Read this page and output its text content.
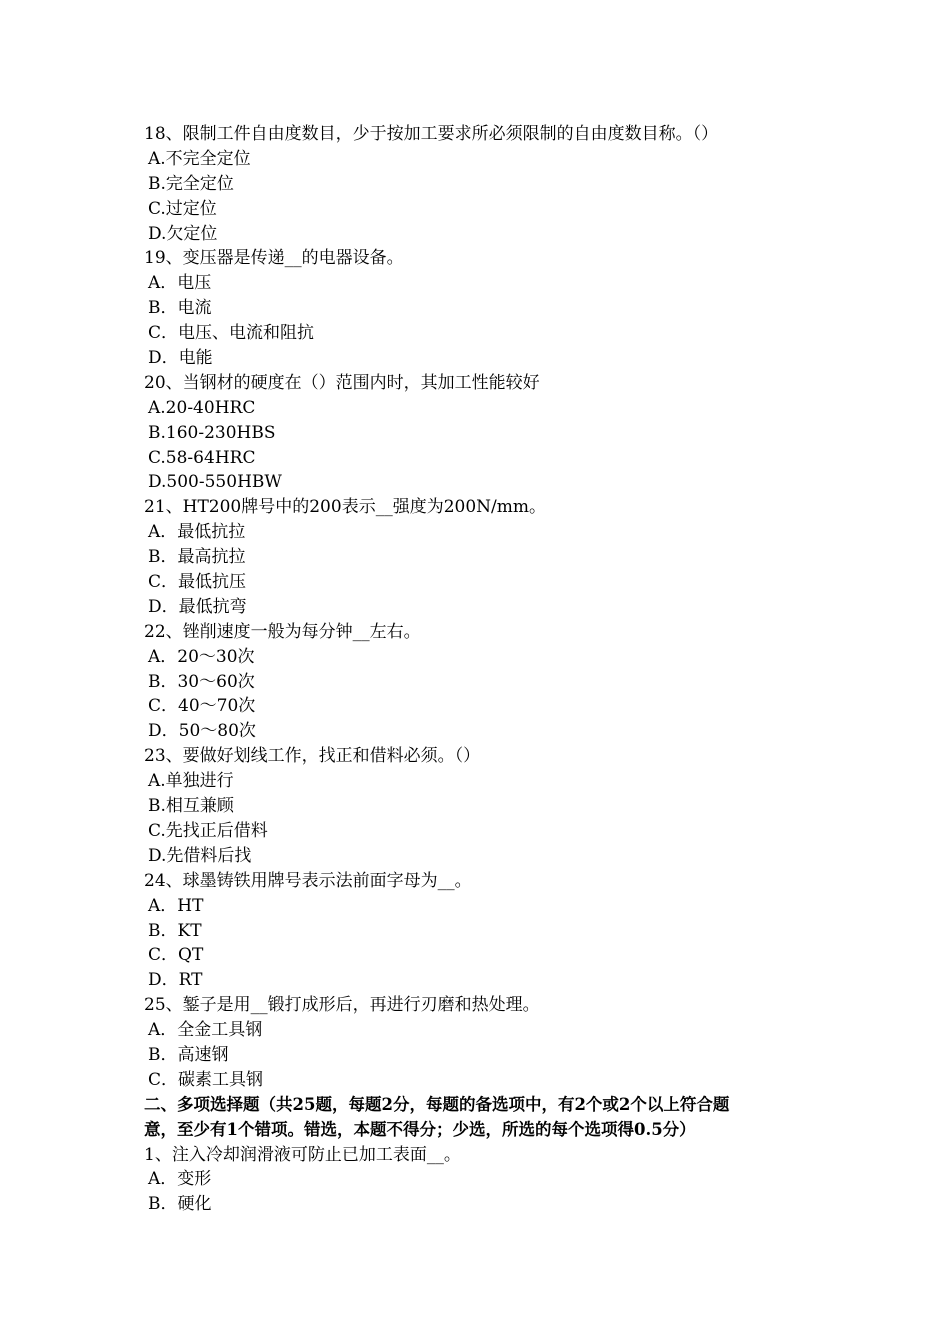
18、限制工件自由度数目，少于按加工要求所必须限制的自由度数目称。（）
A.不完全定位
B.完全定位
C.过定位
D.欠定位
19、变压器是传递__的电器设备。
A．电压
B．电流
C．电压、电流和阻抗
D．电能
20、当钢材的硬度在（）范围内时，其加工性能较好
A.20-40HRC
B.160-230HBS
C.58-64HRC
D.500-550HBW
21、HT200牌号中的200表示__强度为200N/mm。
A．最低抗拉
B．最高抗拉
C．最低抗压
D．最低抗弯
22、锉削速度一般为每分钟__左右。
A．20～30次
B．30～60次
C．40～70次
D．50～80次
23、要做好划线工作，找正和借料必须。（）
A.单独进行
B.相互兼顾
C.先找正后借料
D.先借料后找
24、球墨铸铁用牌号表示法前面字母为__。
A．HT
B．KT
C．QT
D．RT
25、錾子是用__锻打成形后，再进行刃磨和热处理。
A．全金工具钢
B．高速钢
C．碳素工具钢
二、多项选择题（共25题，每题2分，每题的备选项中，有2个或2个以上符合题
意，至少有1个错项。错选，本题不得分；少选，所选的每个选项得0.5分）
1、注入冷却润滑液可防止已加工表面__。
A．变形
B．硬化
